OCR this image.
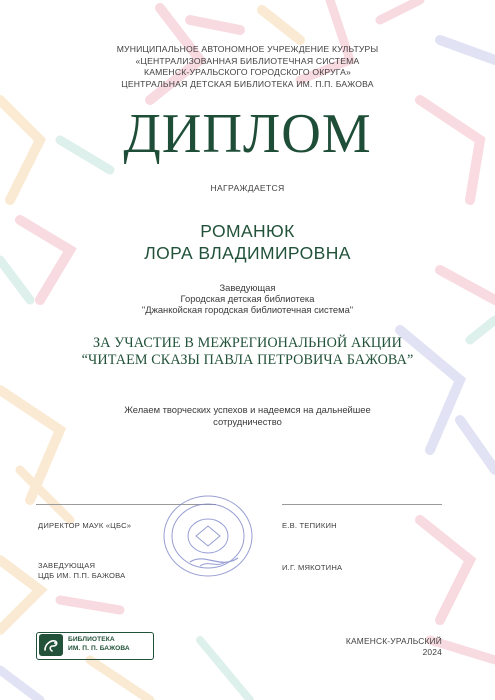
МУНИЦИПАЛЬНОЕ АВТОНОМНОЕ УЧРЕЖДЕНИЕ КУЛЬТУРЫ
«ЦЕНТРАЛИЗОВАННАЯ БИБЛИОТЕЧНАЯ СИСТЕМА
КАМЕНСК-УРАЛЬСКОГО ГОРОДСКОГО ОКРУГА»
ЦЕНТРАЛЬНАЯ ДЕТСКАЯ БИБЛИОТЕКА ИМ. П.П. БАЖОВА
ДИПЛОМ
НАГРАЖДАЕТСЯ
РОМАНЮК
ЛОРА ВЛАДИМИРОВНА
Заведующая
Городская детская библиотека
"Джанкойская городская библиотечная система"
ЗА УЧАСТИЕ В МЕЖРЕГИОНАЛЬНОЙ АКЦИИ
“ЧИТАЕМ СКАЗЫ ПАВЛА ПЕТРОВИЧА БАЖОВА”
Желаем творческих успехов и надеемся на дальнейшее
сотрудничество
ДИРЕКТОР МАУК «ЦБС»	Е.В. ТЕПИКИН
ЗАВЕДУЮЩАЯ
ЦДБ ИМ. П.П. БАЖОВА
И.Г. МЯКОТИНА
БИБЛИОТЕКА
ИМ. П. П. БАЖОВА
КАМЕНСК-УРАЛЬСКИЙ
2024
